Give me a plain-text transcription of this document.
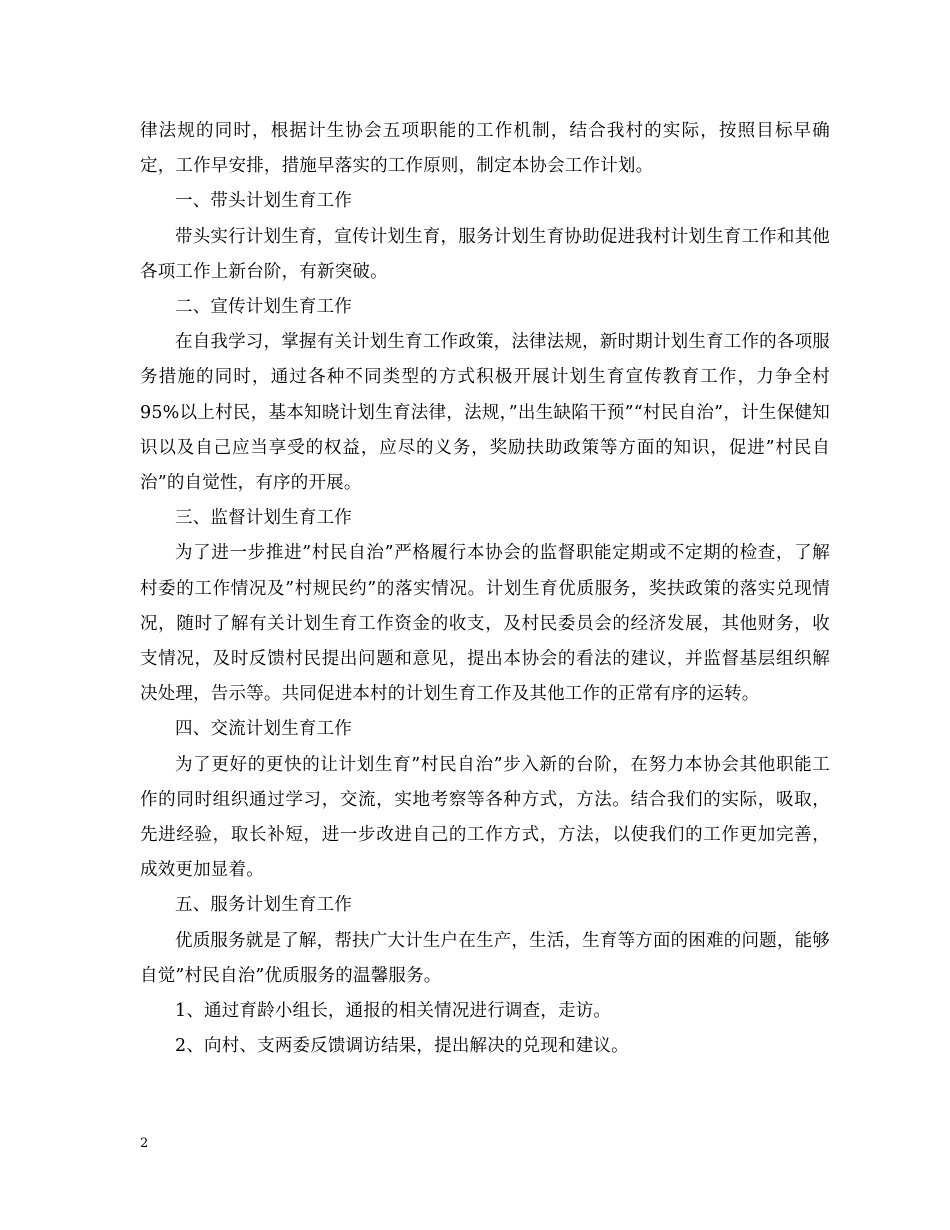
律法规的同时，根据计生协会五项职能的工作机制，结合我村的实际，按照目标早确定，工作早安排，措施早落实的工作原则，制定本协会工作计划。

一、带头计划生育工作

带头实行计划生育，宣传计划生育，服务计划生育协助促进我村计划生育工作和其他各项工作上新台阶，有新突破。

二、宣传计划生育工作

在自我学习，掌握有关计划生育工作政策，法律法规，新时期计划生育工作的各项服务措施的同时，通过各种不同类型的方式积极开展计划生育宣传教育工作，力争全村95%以上村民，基本知晓计划生育法律，法规，”出生缺陷干预”“村民自治”，计生保健知识以及自己应当享受的权益，应尽的义务，奖励扶助政策等方面的知识，促进”村民自治”的自觉性，有序的开展。

三、监督计划生育工作

为了进一步推进”村民自治”严格履行本协会的监督职能定期或不定期的检查，了解村委的工作情况及”村规民约”的落实情况。计划生育优质服务，奖扶政策的落实兑现情况，随时了解有关计划生育工作资金的收支，及村民委员会的经济发展，其他财务，收支情况，及时反馈村民提出问题和意见，提出本协会的看法的建议，并监督基层组织解决处理，告示等。共同促进本村的计划生育工作及其他工作的正常有序的运转。

四、交流计划生育工作

为了更好的更快的让计划生育”村民自治”步入新的台阶，在努力本协会其他职能工作的同时组织通过学习，交流，实地考察等各种方式，方法。结合我们的实际，吸取，先进经验，取长补短，进一步改进自己的工作方式，方法，以使我们的工作更加完善，成效更加显着。

五、服务计划生育工作

优质服务就是了解，帮扶广大计生户在生产，生活，生育等方面的困难的问题，能够自觉”村民自治”优质服务的温馨服务。

1、通过育龄小组长，通报的相关情况进行调查，走访。

2、向村、支两委反馈调访结果，提出解决的兑现和建议。

2
